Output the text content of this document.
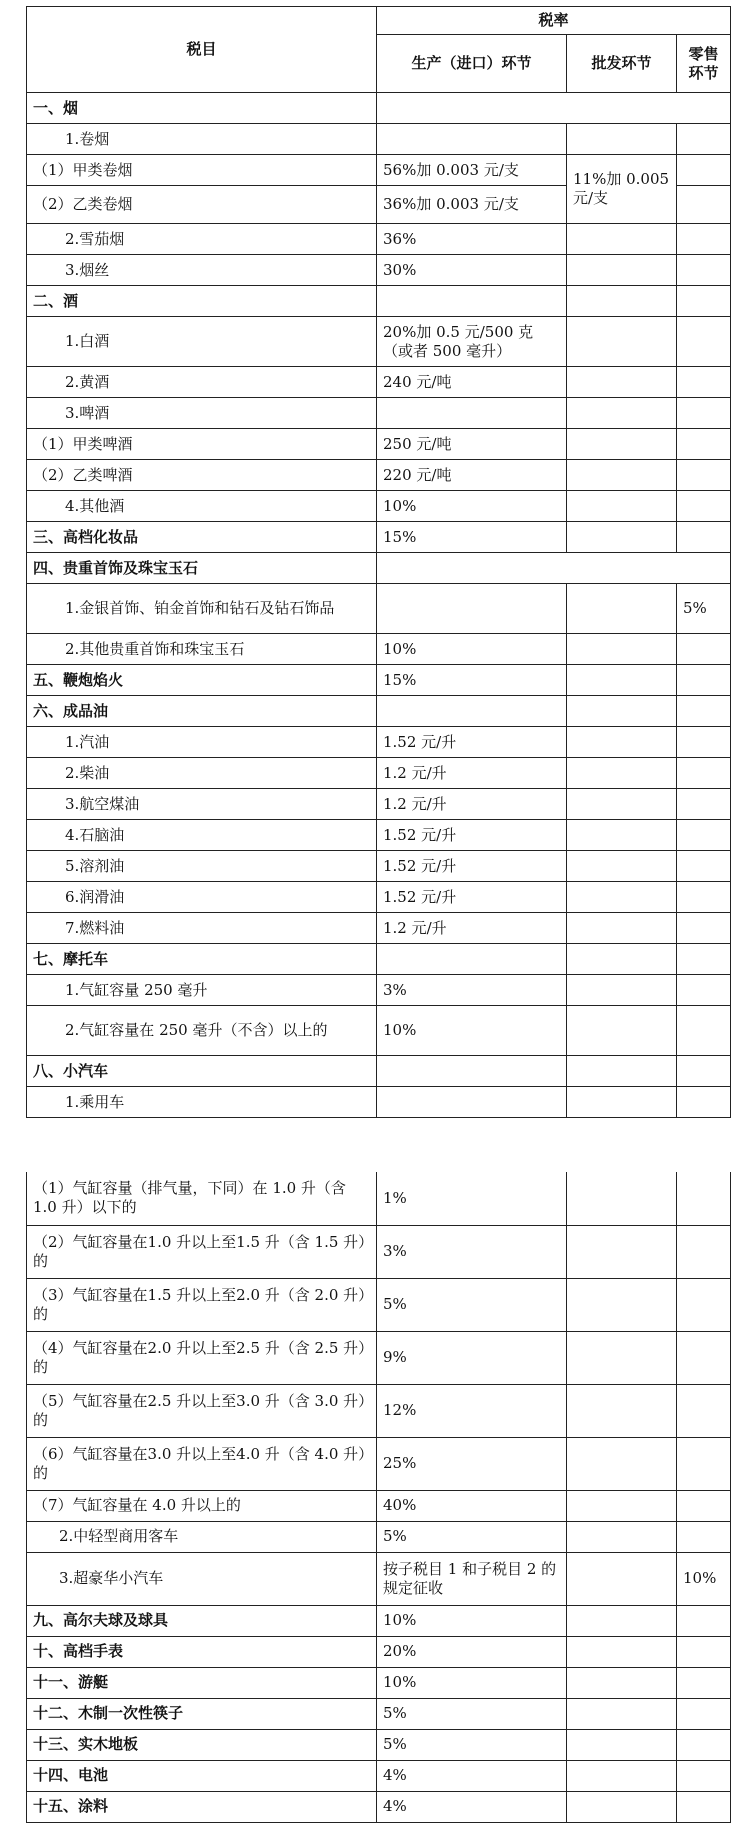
税目	税率		
	生产（进口）环节	批发环节	零售环节
一、烟			
1.卷烟			
（1）甲类卷烟	56%加 0.003 元/支	11%加 0.005 元/支	
（2）乙类卷烟	36%加 0.003 元/支		
2.雪茄烟	36%		
3.烟丝	30%		
二、酒			
1.白酒	20%加 0.5 元/500 克（或者 500 毫升）		
2.黄酒	240 元/吨		
3.啤酒			
（1）甲类啤酒	250 元/吨		
（2）乙类啤酒	220 元/吨		
4.其他酒	10%		
三、高档化妆品	15%		
四、贵重首饰及珠宝玉石			
1.金银首饰、铂金首饰和钻石及钻石饰品			5%
2.其他贵重首饰和珠宝玉石	10%		
五、鞭炮焰火	15%		
六、成品油			
1.汽油	1.52 元/升		
2.柴油	1.2 元/升		
3.航空煤油	1.2 元/升		
4.石脑油	1.52 元/升		
5.溶剂油	1.52 元/升		
6.润滑油	1.52 元/升		
7.燃料油	1.2 元/升		
七、摩托车			
1.气缸容量 250 毫升	3%		
2.气缸容量在 250 毫升（不含）以上的	10%		
八、小汽车			
1.乘用车			
（1）气缸容量（排气量，下同）在 1.0 升（含 1.0 升）以下的	1%		
（2）气缸容量在1.0 升以上至1.5 升（含 1.5 升）的	3%		
（3）气缸容量在1.5 升以上至2.0 升（含 2.0 升）的	5%		
（4）气缸容量在2.0 升以上至2.5 升（含 2.5 升）的	9%		
（5）气缸容量在2.5 升以上至3.0 升（含 3.0 升）的	12%		
（6）气缸容量在3.0 升以上至4.0 升（含 4.0 升）的	25%		
（7）气缸容量在 4.0 升以上的	40%		
2.中轻型商用客车	5%		
3.超豪华小汽车	按子税目 1 和子税目 2 的规定征收		10%
九、高尔夫球及球具	10%		
十、高档手表	20%		
十一、游艇	10%		
十二、木制一次性筷子	5%		
十三、实木地板	5%		
十四、电池	4%		
十五、涂料	4%		
